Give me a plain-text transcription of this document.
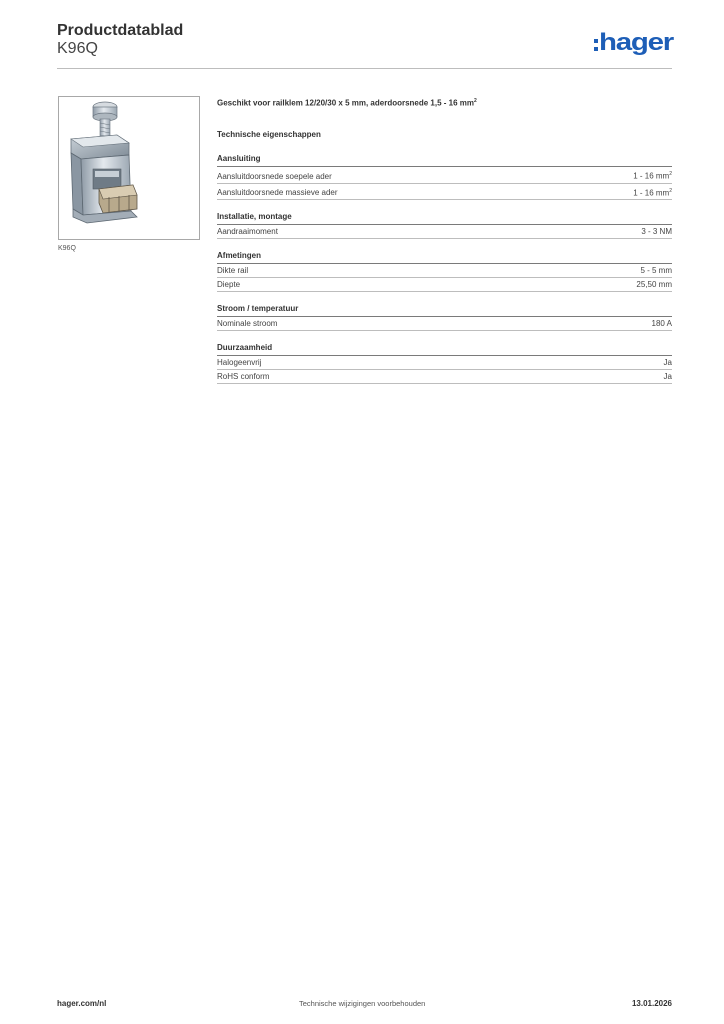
Productdatablad
K96Q	hager
K96Q
Geschikt voor railklem 12/20/30 x 5 mm, aderdoorsnede 1,5 - 16 $mm^2$
Technische eigenschappen
Aansluiting
Aansluitdoorsnede soepele ader	1 - 16 $mm^2$
Aansluitdoorsnede massieve ader	1 - 16 $mm^2$
Installatie, montage
Aandraaimoment	3 - 3 NM
Afmetingen
Dikte rail	5 - 5 mm
Diepte	25,50 mm
Stroom / temperatuur
Nominale stroom	180 A
Duurzaamheid
Halogeenvrij	Ja
RoHS conform	Ja
hager.com/nl	Technische wijzigingen voorbehouden	13.01.2026
